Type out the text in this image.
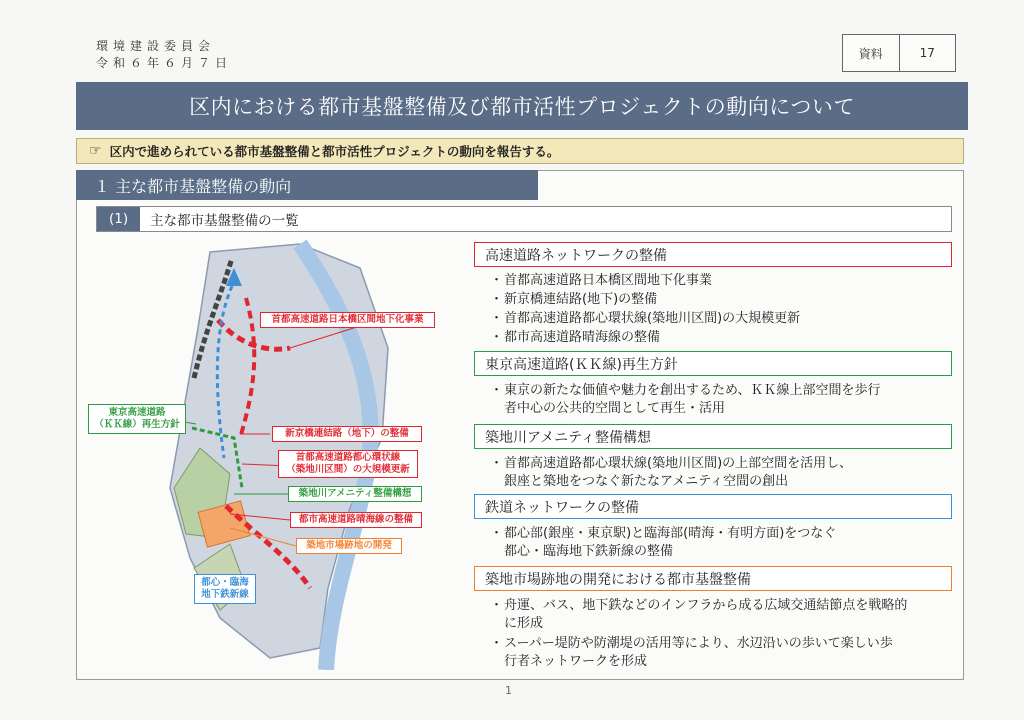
環境建設委員会
令和６年６月７日
資料	17
区内における都市基盤整備及び都市活性プロジェクトの動向について
☞ 区内で進められている都市基盤整備と都市活性プロジェクトの動向を報告する。
１ 主な都市基盤整備の動向
(1)	主な都市基盤整備の一覧
首都高速道路日本橋区間地下化事業
東京高速道路
（ＫＫ線）再生方針
新京橋連結路（地下）の整備
首都高速道路都心環状線
（築地川区間）の大規模更新
築地川アメニティ整備構想
都市高速道路晴海線の整備
築地市場跡地の開発
都心・臨海
地下鉄新線
高速道路ネットワークの整備
・首都高速道路日本橋区間地下化事業
・新京橋連結路(地下)の整備
・首都高速道路都心環状線(築地川区間)の大規模更新
・都市高速道路晴海線の整備
東京高速道路(ＫＫ線)再生方針
・東京の新たな価値や魅力を創出するため、ＫＫ線上部空間を歩行
者中心の公共的空間として再生・活用
築地川アメニティ整備構想
・首都高速道路都心環状線(築地川区間)の上部空間を活用し、
銀座と築地をつなぐ新たなアメニティ空間の創出
鉄道ネットワークの整備
・都心部(銀座・東京駅)と臨海部(晴海・有明方面)をつなぐ
都心・臨海地下鉄新線の整備
築地市場跡地の開発における都市基盤整備
・舟運、バス、地下鉄などのインフラから成る広域交通結節点を戦略的
に形成
・スーパー堤防や防潮堤の活用等により、水辺沿いの歩いて楽しい歩
行者ネットワークを形成
1
